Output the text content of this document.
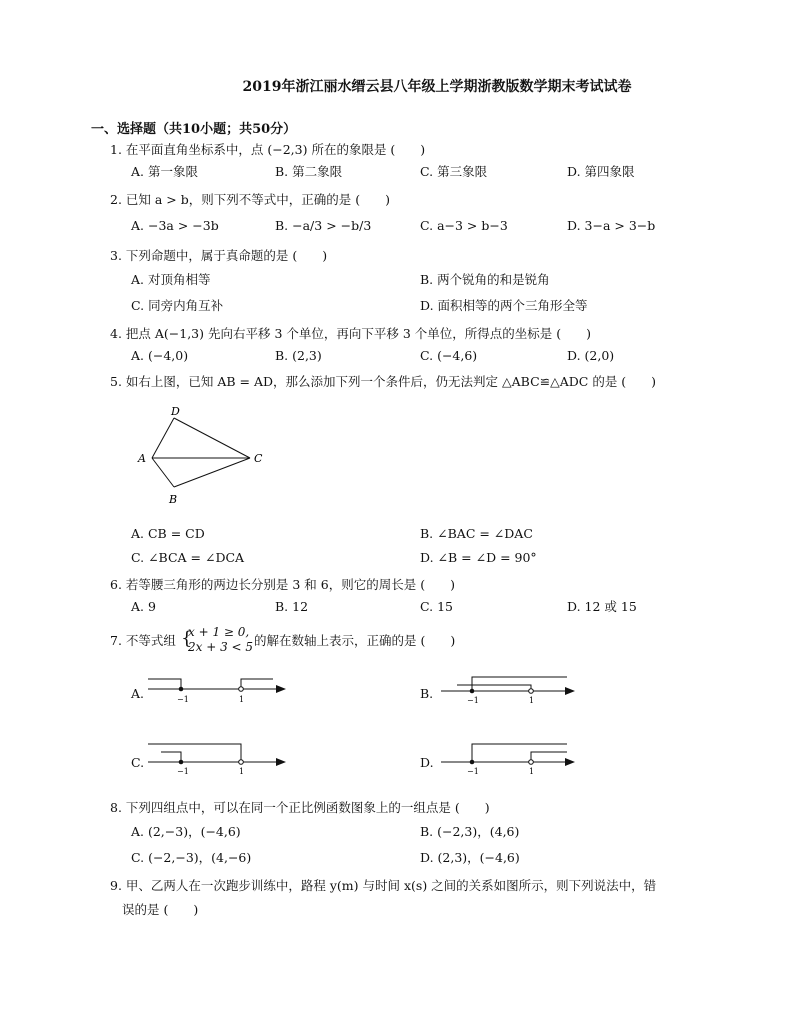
2019年浙江丽水缙云县八年级上学期浙教版数学期末考试试卷
一、选择题（共10小题；共50分）
1. 在平面直角坐标系中，点 (−2,3) 所在的象限是 (　　)
A. 第一象限	B. 第二象限	C. 第三象限	D. 第四象限
2. 已知 a > b，则下列不等式中，正确的是 (　　)
A. −3a > −3b	B. −a/3 > −b/3	C. a−3 > b−3	D. 3−a > 3−b
3. 下列命题中，属于真命题的是 (　　)
A. 对顶角相等	B. 两个锐角的和是锐角
C. 同旁内角互补	D. 面积相等的两个三角形全等
4. 把点 A(−1,3) 先向右平移 3 个单位，再向下平移 3 个单位，所得点的坐标是 (　　)
A. (−4,0)	B. (2,3)	C. (−4,6)	D. (2,0)
5. 如右上图，已知 AB = AD，那么添加下列一个条件后，仍无法判定 △ABC≌△ADC 的是 (　　)
D
A	C
B
A. CB = CD	B. ∠BAC = ∠DAC
C. ∠BCA = ∠DCA	D. ∠B = ∠D = 90°
6. 若等腰三角形的两边长分别是 3 和 6，则它的周长是 (　　)
A. 9	B. 12	C. 15	D. 12 或 15
7. 不等式组 {
x + 1 ≥ 0,
2x + 3 < 5 的解在数轴上表示，正确的是 (　　)
A.	−1	1	B.	−1	1
C.
−1	1
D.
−1	1
8. 下列四组点中，可以在同一个正比例函数图象上的一组点是 (　　)
A. (2,−3)，(−4,6)	B. (−2,3)，(4,6)
C. (−2,−3)，(4,−6)	D. (2,3)，(−4,6)
9. 甲、乙两人在一次跑步训练中，路程 y(m) 与时间 x(s) 之间的关系如图所示，则下列说法中，错
误的是 (　　)
